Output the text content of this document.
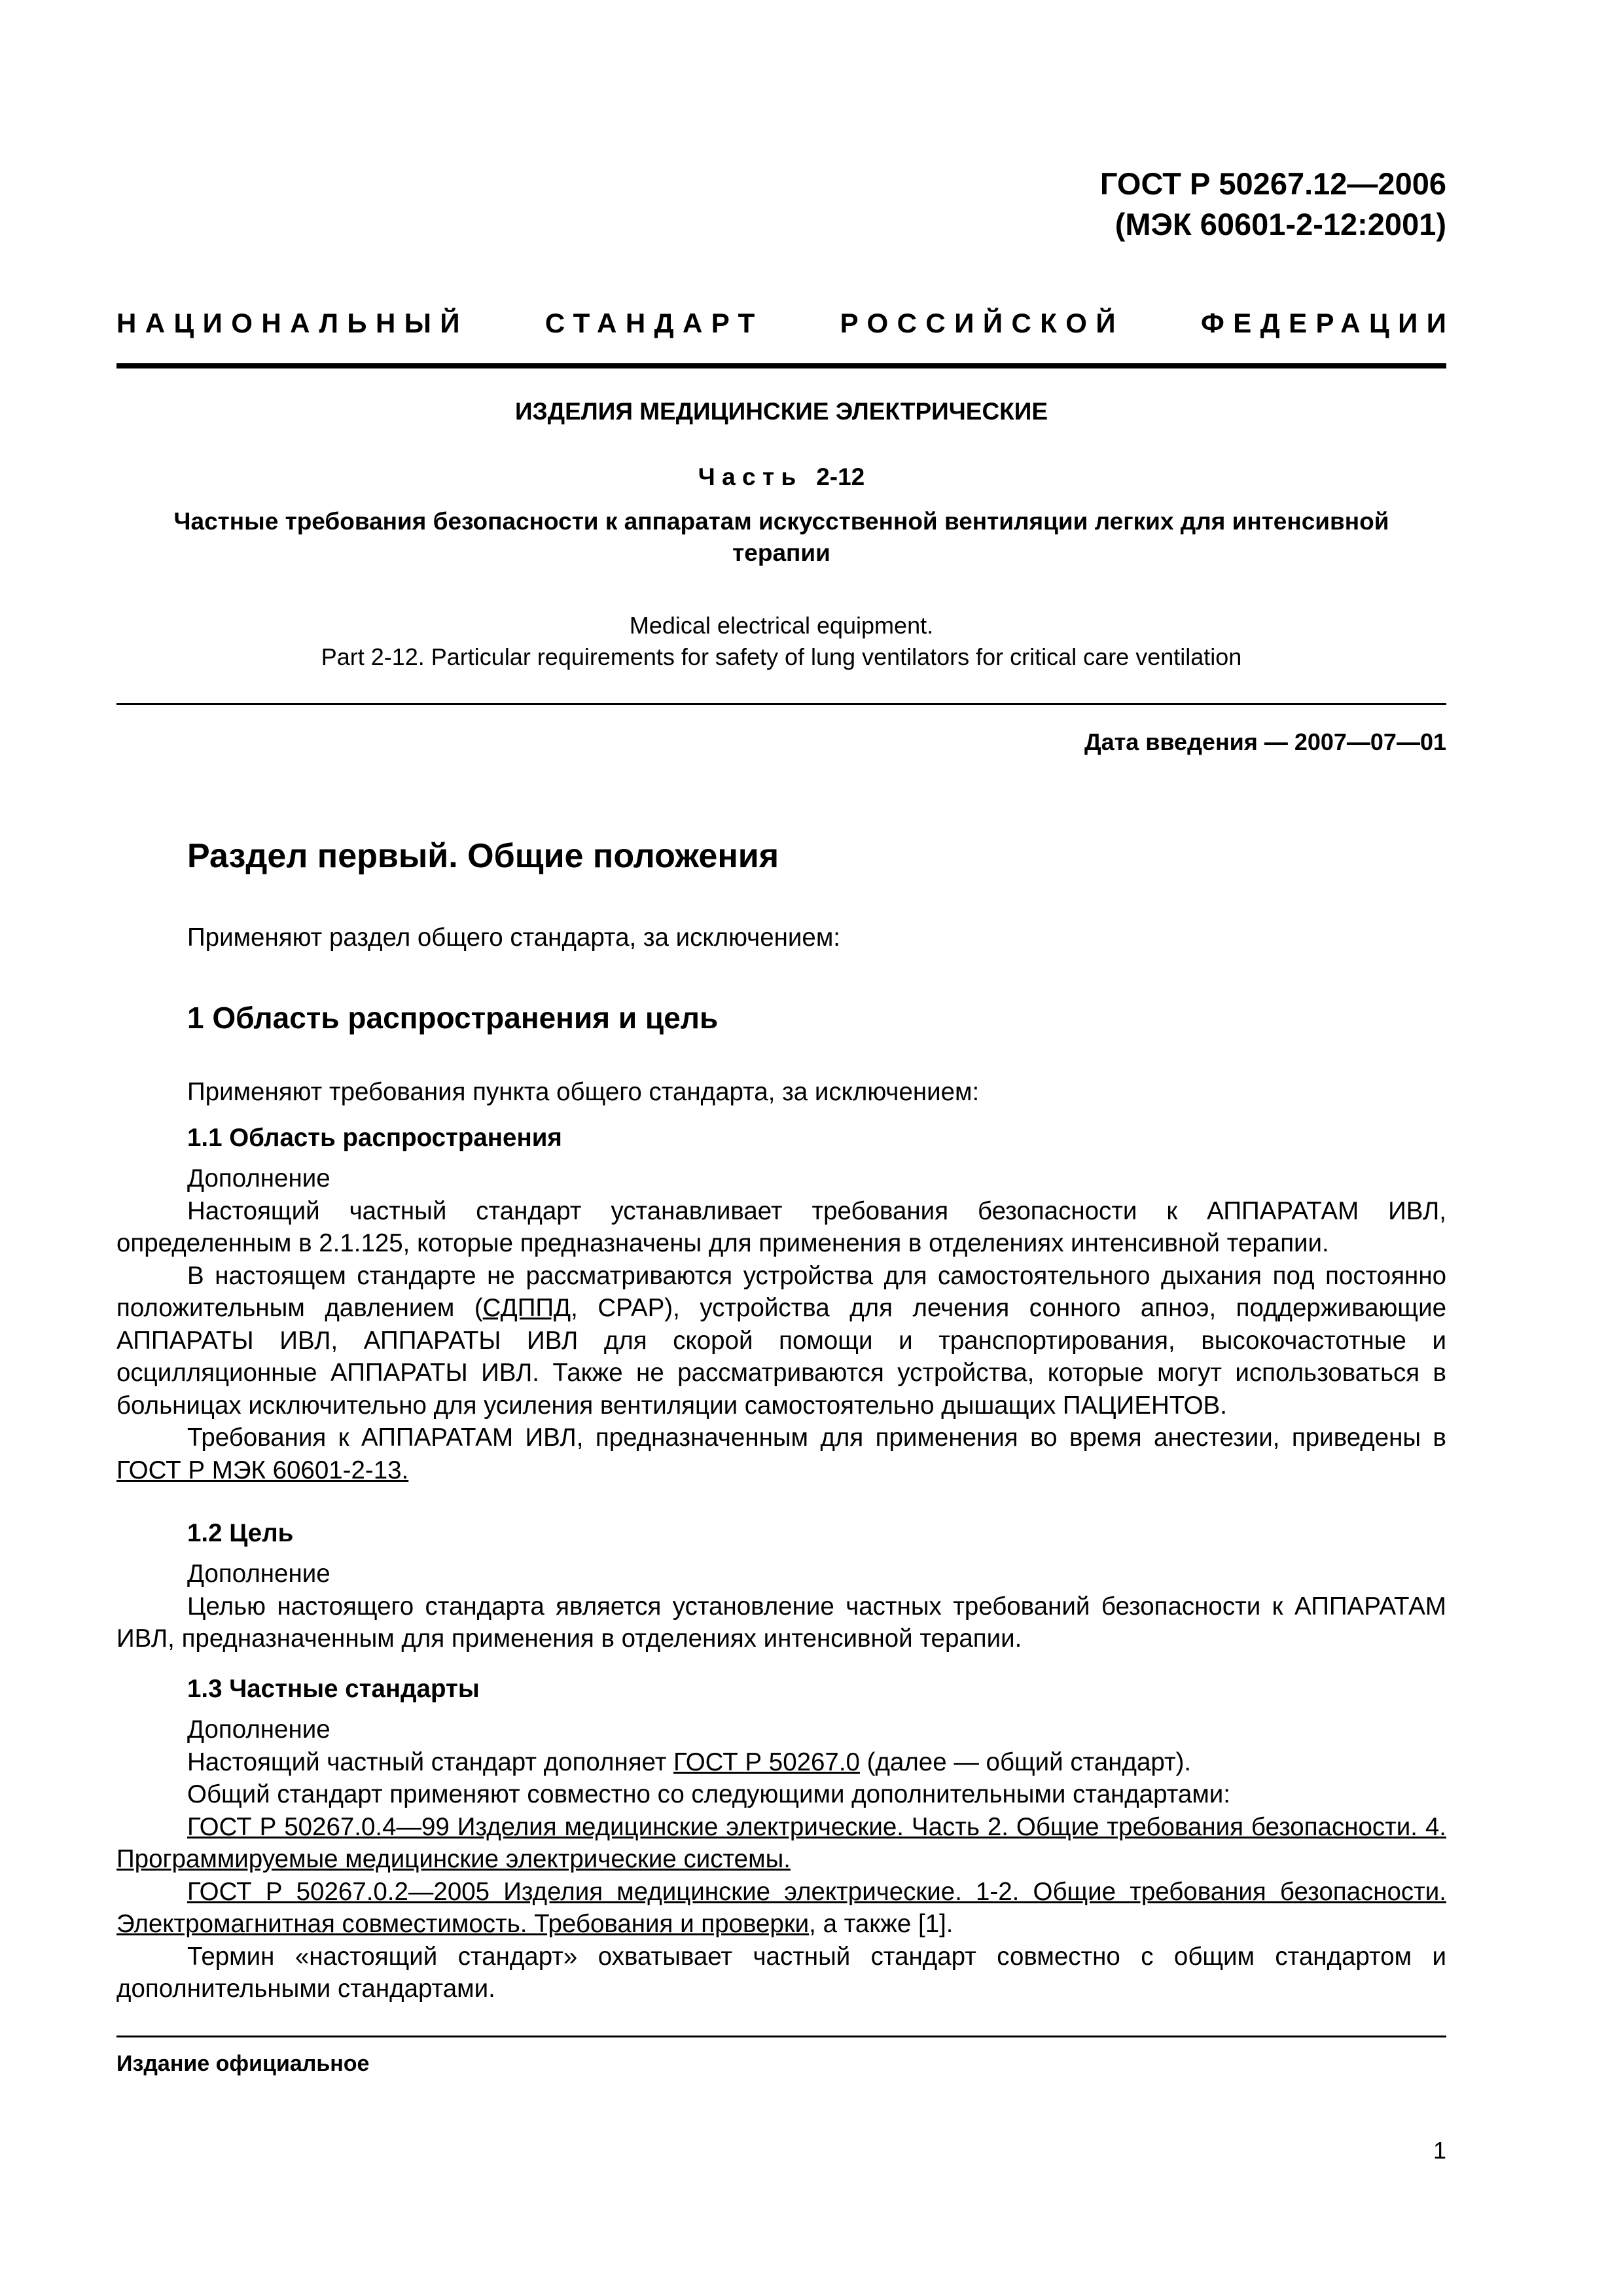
ГОСТ Р 50267.12—2006
(МЭК 60601-2-12:2001)
НАЦИОНАЛЬНЫЙ	СТАНДАРТ	РОССИЙСКОЙ	ФЕДЕРАЦИИ
ИЗДЕЛИЯ МЕДИЦИНСКИЕ ЭЛЕКТРИЧЕСКИЕ
Часть 2-12
Частные требования безопасности к аппаратам искусственной вентиляции легких для интенсивной терапии
Medical electrical equipment.
Part 2-12. Particular requirements for safety of lung ventilators for critical care ventilation
Дата введения — 2007—07—01
Раздел первый. Общие положения
Применяют раздел общего стандарта, за исключением:
1 Область распространения и цель
Применяют требования пункта общего стандарта, за исключением:
1.1 Область распространения

Дополнение

Настоящий частный стандарт устанавливает требования безопасности к АППАРАТАМ ИВЛ, определенным в 2.1.125, которые предназначены для применения в отделениях интенсивной терапии.

В настоящем стандарте не рассматриваются устройства для самостоятельного дыхания под постоянно положительным давлением (СДППД, CPAP), устройства для лечения сонного апноэ, поддерживающие АППАРАТЫ ИВЛ, АППАРАТЫ ИВЛ для скорой помощи и транспортирования, высокочастотные и осцилляционные АППАРАТЫ ИВЛ. Также не рассматриваются устройства, которые могут использоваться в больницах исключительно для усиления вентиляции самостоятельно дышащих ПАЦИЕНТОВ.

Требования к АППАРАТАМ ИВЛ, предназначенным для применения во время анестезии, приведены в ГОСТ Р МЭК 60601-2-13.

1.2 Цель

Дополнение

Целью настоящего стандарта является установление частных требований безопасности к АППАРАТАМ ИВЛ, предназначенным для применения в отделениях интенсивной терапии.

1.3 Частные стандарты

Дополнение

Настоящий частный стандарт дополняет ГОСТ Р 50267.0 (далее — общий стандарт).

Общий стандарт применяют совместно со следующими дополнительными стандартами:

ГОСТ Р 50267.0.4—99 Изделия медицинские электрические. Часть 2. Общие требования безопасности. 4. Программируемые медицинские электрические системы.

ГОСТ Р 50267.0.2—2005 Изделия медицинские электрические. 1-2. Общие требования безопасности. Электромагнитная совместимость. Требования и проверки, а также [1].

Термин «настоящий стандарт» охватывает частный стандарт совместно с общим стандартом и дополнительными стандартами.

Издание официальное
1
